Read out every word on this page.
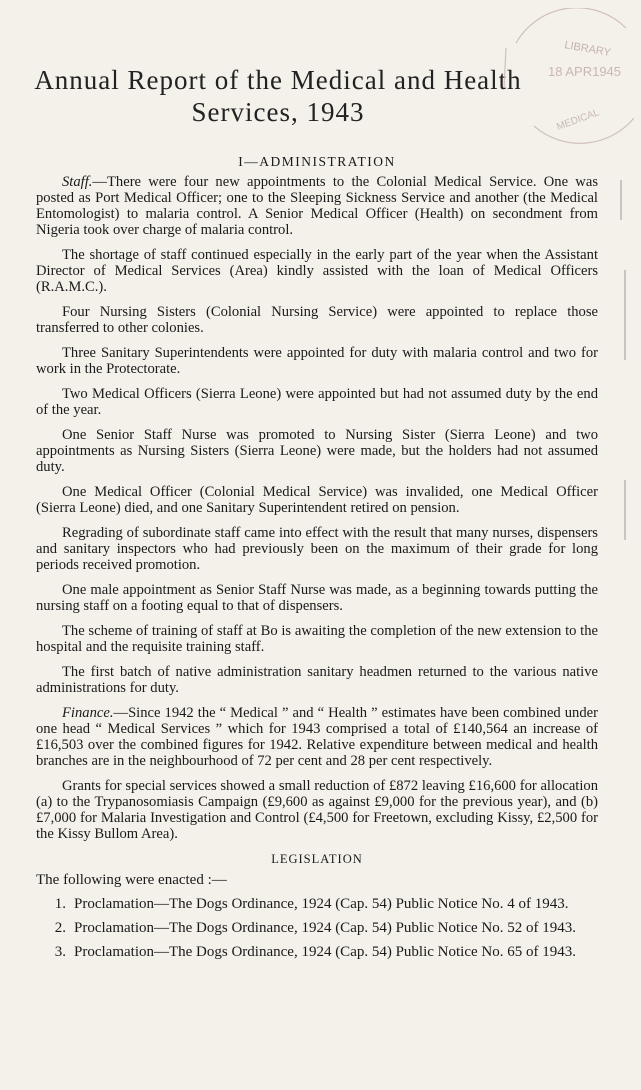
Annual Report of the Medical and Health
Services, 1943
LIBRARY
18 APR1945
MEDICAL
I—ADMINISTRATION

Staff.—There were four new appointments to the Colonial Medical Service. One was posted as Port Medical Officer; one to the Sleeping Sickness Service and another (the Medical Entomologist) to malaria control. A Senior Medical Officer (Health) on secondment from Nigeria took over charge of malaria control.

The shortage of staff continued especially in the early part of the year when the Assistant Director of Medical Services (Area) kindly assisted with the loan of Medical Officers (R.A.M.C.).

Four Nursing Sisters (Colonial Nursing Service) were appointed to replace those transferred to other colonies.

Three Sanitary Superintendents were appointed for duty with malaria control and two for work in the Protectorate.

Two Medical Officers (Sierra Leone) were appointed but had not assumed duty by the end of the year.

One Senior Staff Nurse was promoted to Nursing Sister (Sierra Leone) and two appointments as Nursing Sisters (Sierra Leone) were made, but the holders had not assumed duty.

One Medical Officer (Colonial Medical Service) was invalided, one Medical Officer (Sierra Leone) died, and one Sanitary Superintendent retired on pension.

Regrading of subordinate staff came into effect with the result that many nurses, dispensers and sanitary inspectors who had previously been on the maximum of their grade for long periods received promotion.

One male appointment as Senior Staff Nurse was made, as a beginning towards putting the nursing staff on a footing equal to that of dispensers.

The scheme of training of staff at Bo is awaiting the completion of the new extension to the hospital and the requisite training staff.

The first batch of native administration sanitary headmen returned to the various native administrations for duty.

Finance.—Since 1942 the “ Medical ” and “ Health ” estimates have been combined under one head “ Medical Services ” which for 1943 comprised a total of £140,564 an increase of £16,503 over the combined figures for 1942. Relative expenditure between medical and health branches are in the neighbourhood of 72 per cent and 28 per cent respectively.

Grants for special services showed a small reduction of £872 leaving £16,600 for allocation (a) to the Trypanosomiasis Campaign (£9,600 as against £9,000 for the previous year), and (b) £7,000 for Malaria Investigation and Control (£4,500 for Freetown, excluding Kissy, £2,500 for the Kissy Bullom Area).

LEGISLATION
The following were enacted :—
1. Proclamation—The Dogs Ordinance, 1924 (Cap. 54) Public Notice No. 4 of 1943.
2. Proclamation—The Dogs Ordinance, 1924 (Cap. 54) Public Notice No. 52 of 1943.
3. Proclamation—The Dogs Ordinance, 1924 (Cap. 54) Public Notice No. 65 of 1943.
